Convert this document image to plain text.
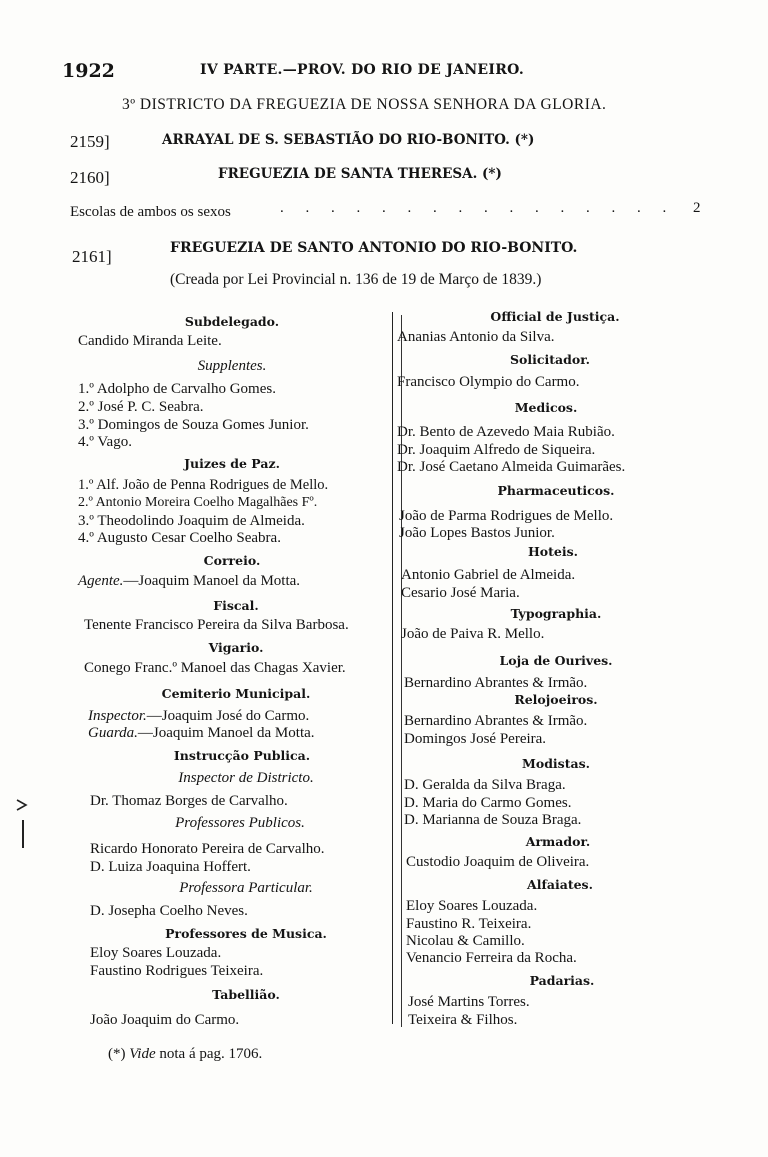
1922	IV PARTE.—PROV. DO RIO DE JANEIRO.
3º DISTRICTO DA FREGUEZIA DE NOSSA SENHORA DA GLORIA.
2159]	ARRAYAL DE S. SEBASTIÃO DO RIO-BONITO. (*)
2160]	FREGUEZIA DE SANTA THERESA. (*)
Escolas de ambos os sexos	. . . . . . . . . . . . . . . . 2
2161]	FREGUEZIA DE SANTO ANTONIO DO RIO-BONITO.
(Creada por Lei Provincial n. 136 de 19 de Março de 1839.)
Subdelegado.
Candido Miranda Leite.
Supplentes.
1.º Adolpho de Carvalho Gomes.
2.º José P. C. Seabra.
3.º Domingos de Souza Gomes Junior.
4.º Vago.
Juizes de Paz.
1.º Alf. João de Penna Rodrigues de Mello.
2.º Antonio Moreira Coelho Magalhães Fº.
3.º Theodolindo Joaquim de Almeida.
4.º Augusto Cesar Coelho Seabra.
Correio.
Agente.—Joaquim Manoel da Motta.
Fiscal.
Tenente Francisco Pereira da Silva Barbosa.
Vigario.
Conego Franc.º Manoel das Chagas Xavier.
Cemiterio Municipal.
Inspector.—Joaquim José do Carmo.
Guarda.—Joaquim Manoel da Motta.
Instrucção Publica.
Inspector de Districto.
Dr. Thomaz Borges de Carvalho.
Professores Publicos.
Ricardo Honorato Pereira de Carvalho.
D. Luiza Joaquina Hoffert.
Professora Particular.
D. Josepha Coelho Neves.
Professores de Musica.
Eloy Soares Louzada.
Faustino Rodrigues Teixeira.
Tabellião.
João Joaquim do Carmo.
Official de Justiça.
Ananias Antonio da Silva.
Solicitador.
Francisco Olympio do Carmo.
Medicos.
Dr. Bento de Azevedo Maia Rubião.
Dr. Joaquim Alfredo de Siqueira.
Dr. José Caetano Almeida Guimarães.
Pharmaceuticos.
João de Parma Rodrigues de Mello.
João Lopes Bastos Junior.
Hoteis.
Antonio Gabriel de Almeida.
Cesario José Maria.
Typographia.
João de Paiva R. Mello.
Loja de Ourives.
Bernardino Abrantes & Irmão.
Relojoeiros.
Bernardino Abrantes & Irmão.
Domingos José Pereira.
Modistas.
D. Geralda da Silva Braga.
D. Maria do Carmo Gomes.
D. Marianna de Souza Braga.
Armador.
Custodio Joaquim de Oliveira.
Alfaiates.
Eloy Soares Louzada.
Faustino R. Teixeira.
Nicolau & Camillo.
Venancio Ferreira da Rocha.
Padarias.
José Martins Torres.
Teixeira & Filhos.
(*) Vide nota á pag. 1706.
